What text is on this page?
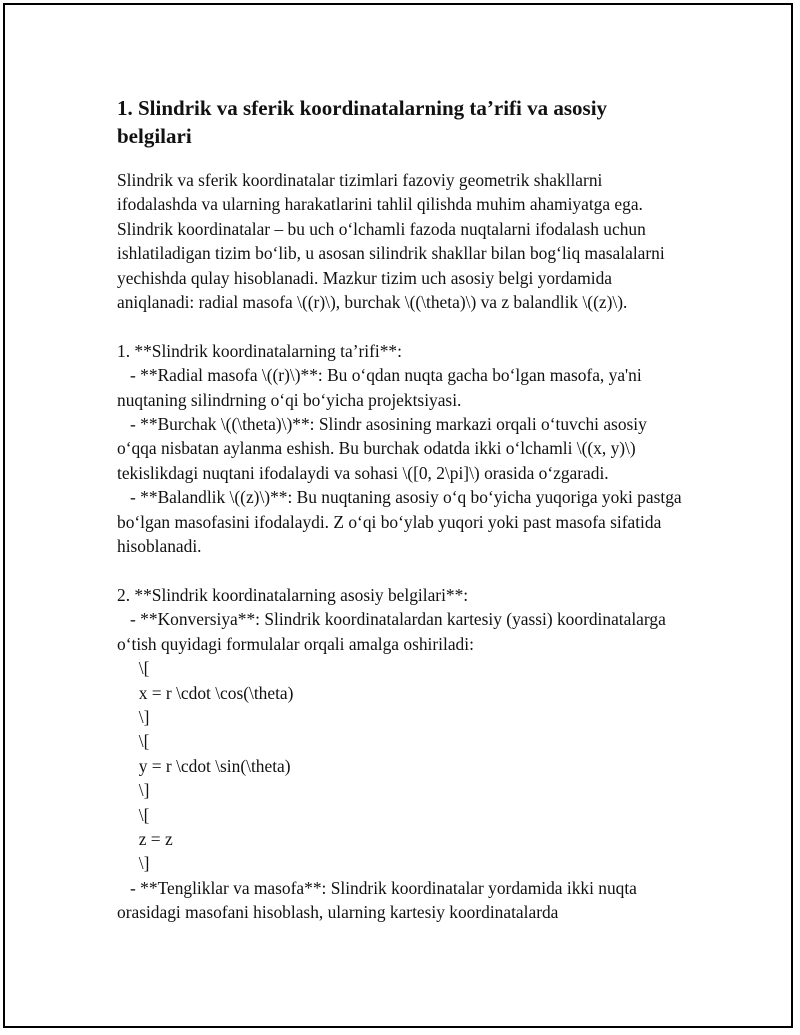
1. Slindrik va sferik koordinatalarning ta’rifi va asosiy belgilari

Slindrik va sferik koordinatalar tizimlari fazoviy geometrik shakllarni ifodalashda va ularning harakatlarini tahlil qilishda muhim ahamiyatga ega. Slindrik koordinatalar – bu uch o‘lchamli fazoda nuqtalarni ifodalash uchun ishlatiladigan tizim bo‘lib, u asosan silindrik shakllar bilan bog‘liq masalalarni yechishda qulay hisoblanadi. Mazkur tizim uch asosiy belgi yordamida aniqlanadi: radial masofa \((r)\), burchak \((\theta)\) va z balandlik \((z)\).

1. **Slindrik koordinatalarning ta’rifi**:

- **Radial masofa \((r)\)**: Bu o‘qdan nuqta gacha bo‘lgan masofa, ya'ni nuqtaning silindrning o‘qi bo‘yicha projektsiyasi.

- **Burchak \((\theta)\)**: Slindr asosining markazi orqali o‘tuvchi asosiy o‘qqa nisbatan aylanma eshish. Bu burchak odatda ikki o‘lchamli \((x, y)\) tekislikdagi nuqtani ifodalaydi va sohasi \([0, 2\pi]\) orasida o‘zgaradi.

- **Balandlik \((z)\)**: Bu nuqtaning asosiy o‘q bo‘yicha yuqoriga yoki pastga bo‘lgan masofasini ifodalaydi. Z o‘qi bo‘ylab yuqori yoki past masofa sifatida hisoblanadi.

2. **Slindrik koordinatalarning asosiy belgilari**:

- **Konversiya**: Slindrik koordinatalardan kartesiy (yassi) koordinatalarga o‘tish quyidagi formulalar orqali amalga oshiriladi:

\[
x = r \cdot \cos(\theta)
\]
\[
y = r \cdot \sin(\theta)
\]
\[
z = z
\]

- **Tengliklar va masofa**: Slindrik koordinatalar yordamida ikki nuqta orasidagi masofani hisoblash, ularning kartesiy koordinatalarda
